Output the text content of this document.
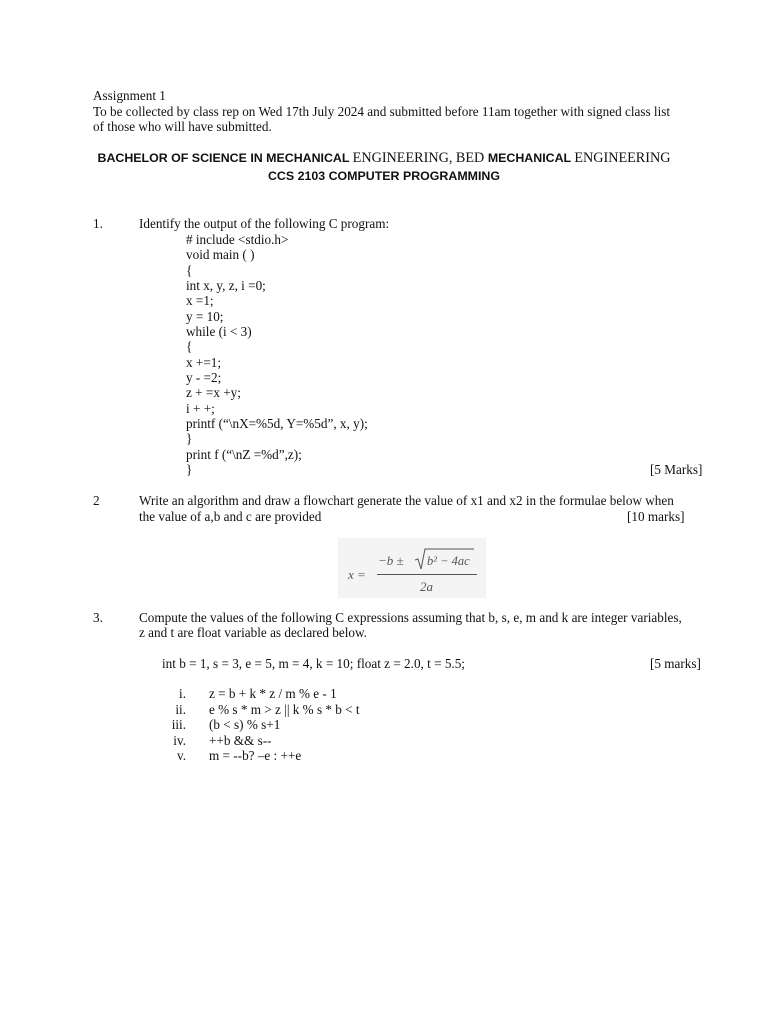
Assignment 1
To be collected by class rep on Wed 17th July 2024 and submitted before 11am together with signed class list
of those who will have submitted.
BACHELOR OF SCIENCE IN MECHANICAL ENGINEERING, BED MECHANICAL ENGINEERING
CCS 2103 COMPUTER PROGRAMMING
1.	Identify the output of the following C program:
# include <stdio.h>
void main ( )
{
int x, y, z, i =0;
x =1;
y = 10;
while (i < 3)
{
x +=1;
y - =2;
z + =x +y;
i + +;
printf (“\nX=%5d, Y=%5d”, x, y);
}
print f (“\nZ =%d”,z);
}	[5 Marks]
2	Write an algorithm and draw a flowchart generate the value of x1 and x2 in the formulae below when
the value of a,b and c are provided	[10 marks]
x =
−b ± b² − 4ac
2a
3.	Compute the values of the following C expressions assuming that b, s, e, m and k are integer variables,
z and t are float variable as declared below.
int b = 1, s = 3, e = 5, m = 4, k = 10; float z = 2.0, t = 5.5;	[5 marks]
i. z = b + k * z / m % e - 1
ii. e % s * m > z || k % s * b < t
iii. (b < s) % s+1
iv. ++b && s--
v. m = --b? –e : ++e
